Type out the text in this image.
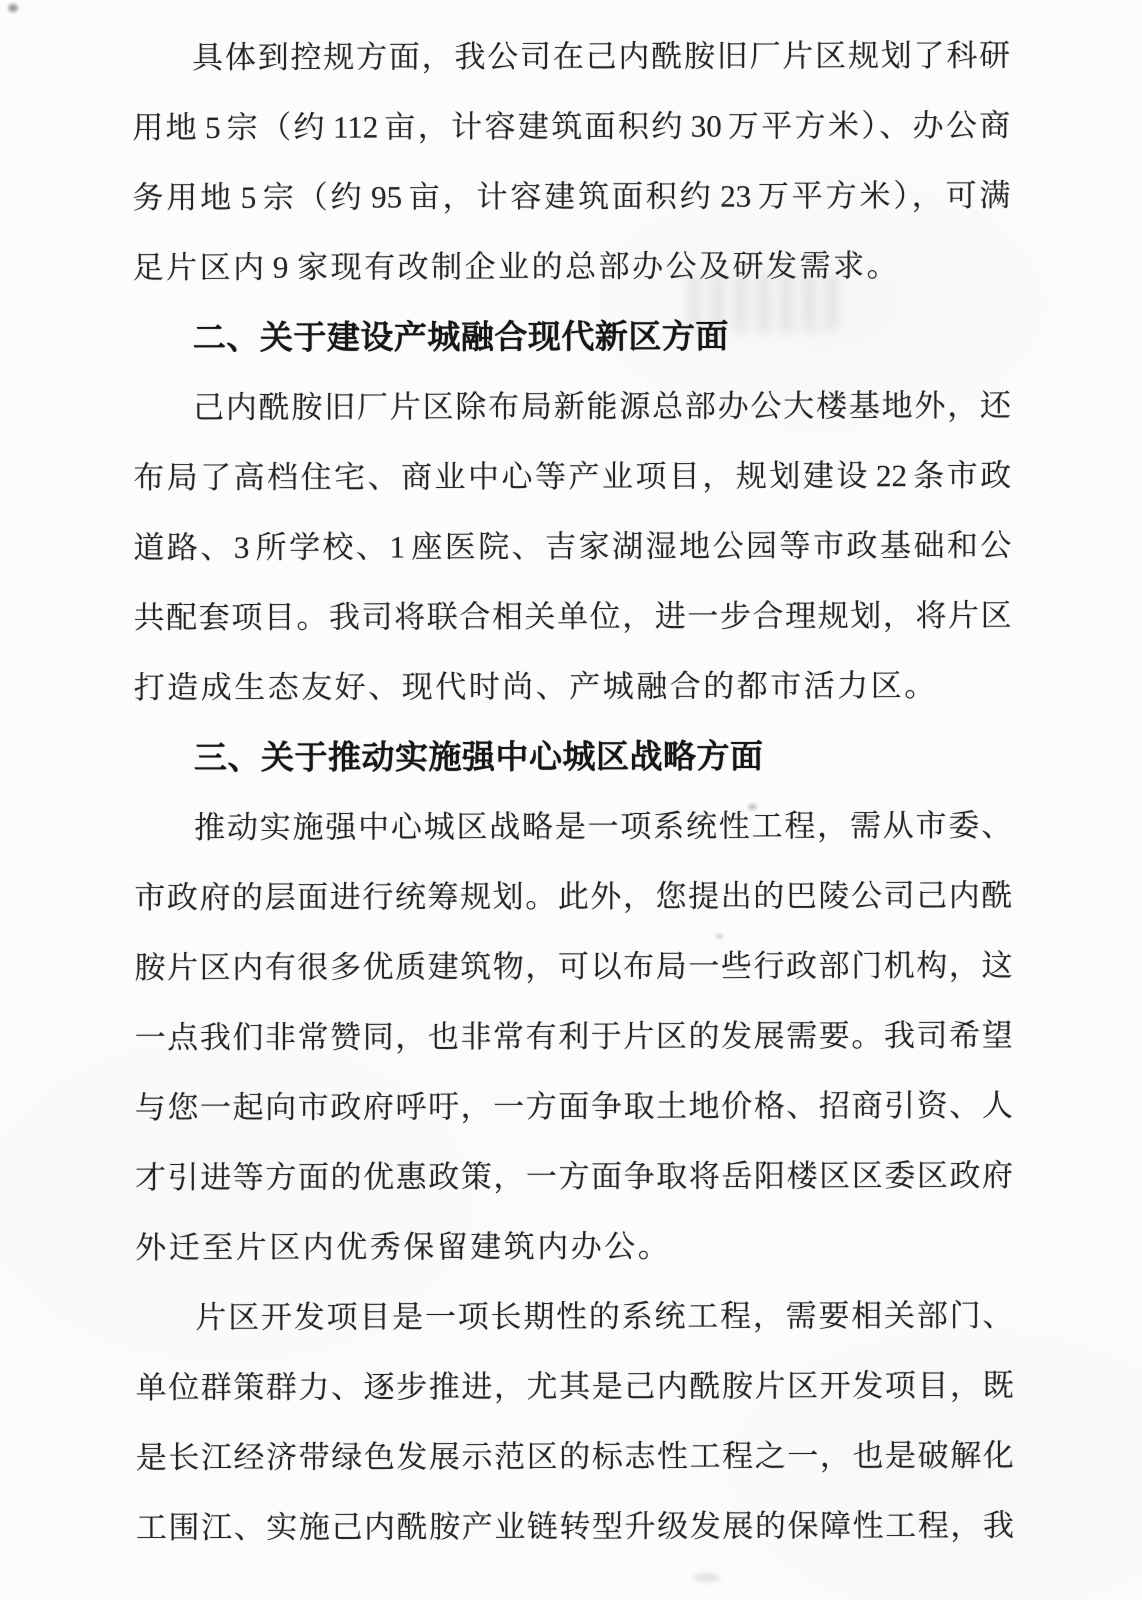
具体到控规方面，我公司在己内酰胺旧厂片区规划了科研
用地 5 宗（约 112 亩，计容建筑面积约 30 万平方米）、办公商
务用地 5 宗（约 95 亩，计容建筑面积约 23 万平方米），可满
足片区内 9 家现有改制企业的总部办公及研发需求。
二、关于建设产城融合现代新区方面
己内酰胺旧厂片区除布局新能源总部办公大楼基地外，还
布局了高档住宅、商业中心等产业项目，规划建设 22 条市政
道路、3 所学校、1 座医院、吉家湖湿地公园等市政基础和公
共配套项目。我司将联合相关单位，进一步合理规划，将片区
打造成生态友好、现代时尚、产城融合的都市活力区。
三、关于推动实施强中心城区战略方面
推动实施强中心城区战略是一项系统性工程，需从市委、
市政府的层面进行统筹规划。此外，您提出的巴陵公司己内酰
胺片区内有很多优质建筑物，可以布局一些行政部门机构，这
一点我们非常赞同，也非常有利于片区的发展需要。我司希望
与您一起向市政府呼吁，一方面争取土地价格、招商引资、人
才引进等方面的优惠政策，一方面争取将岳阳楼区区委区政府
外迁至片区内优秀保留建筑内办公。
片区开发项目是一项长期性的系统工程，需要相关部门、
单位群策群力、逐步推进，尤其是己内酰胺片区开发项目，既
是长江经济带绿色发展示范区的标志性工程之一，也是破解化
工围江、实施己内酰胺产业链转型升级发展的保障性工程，我
